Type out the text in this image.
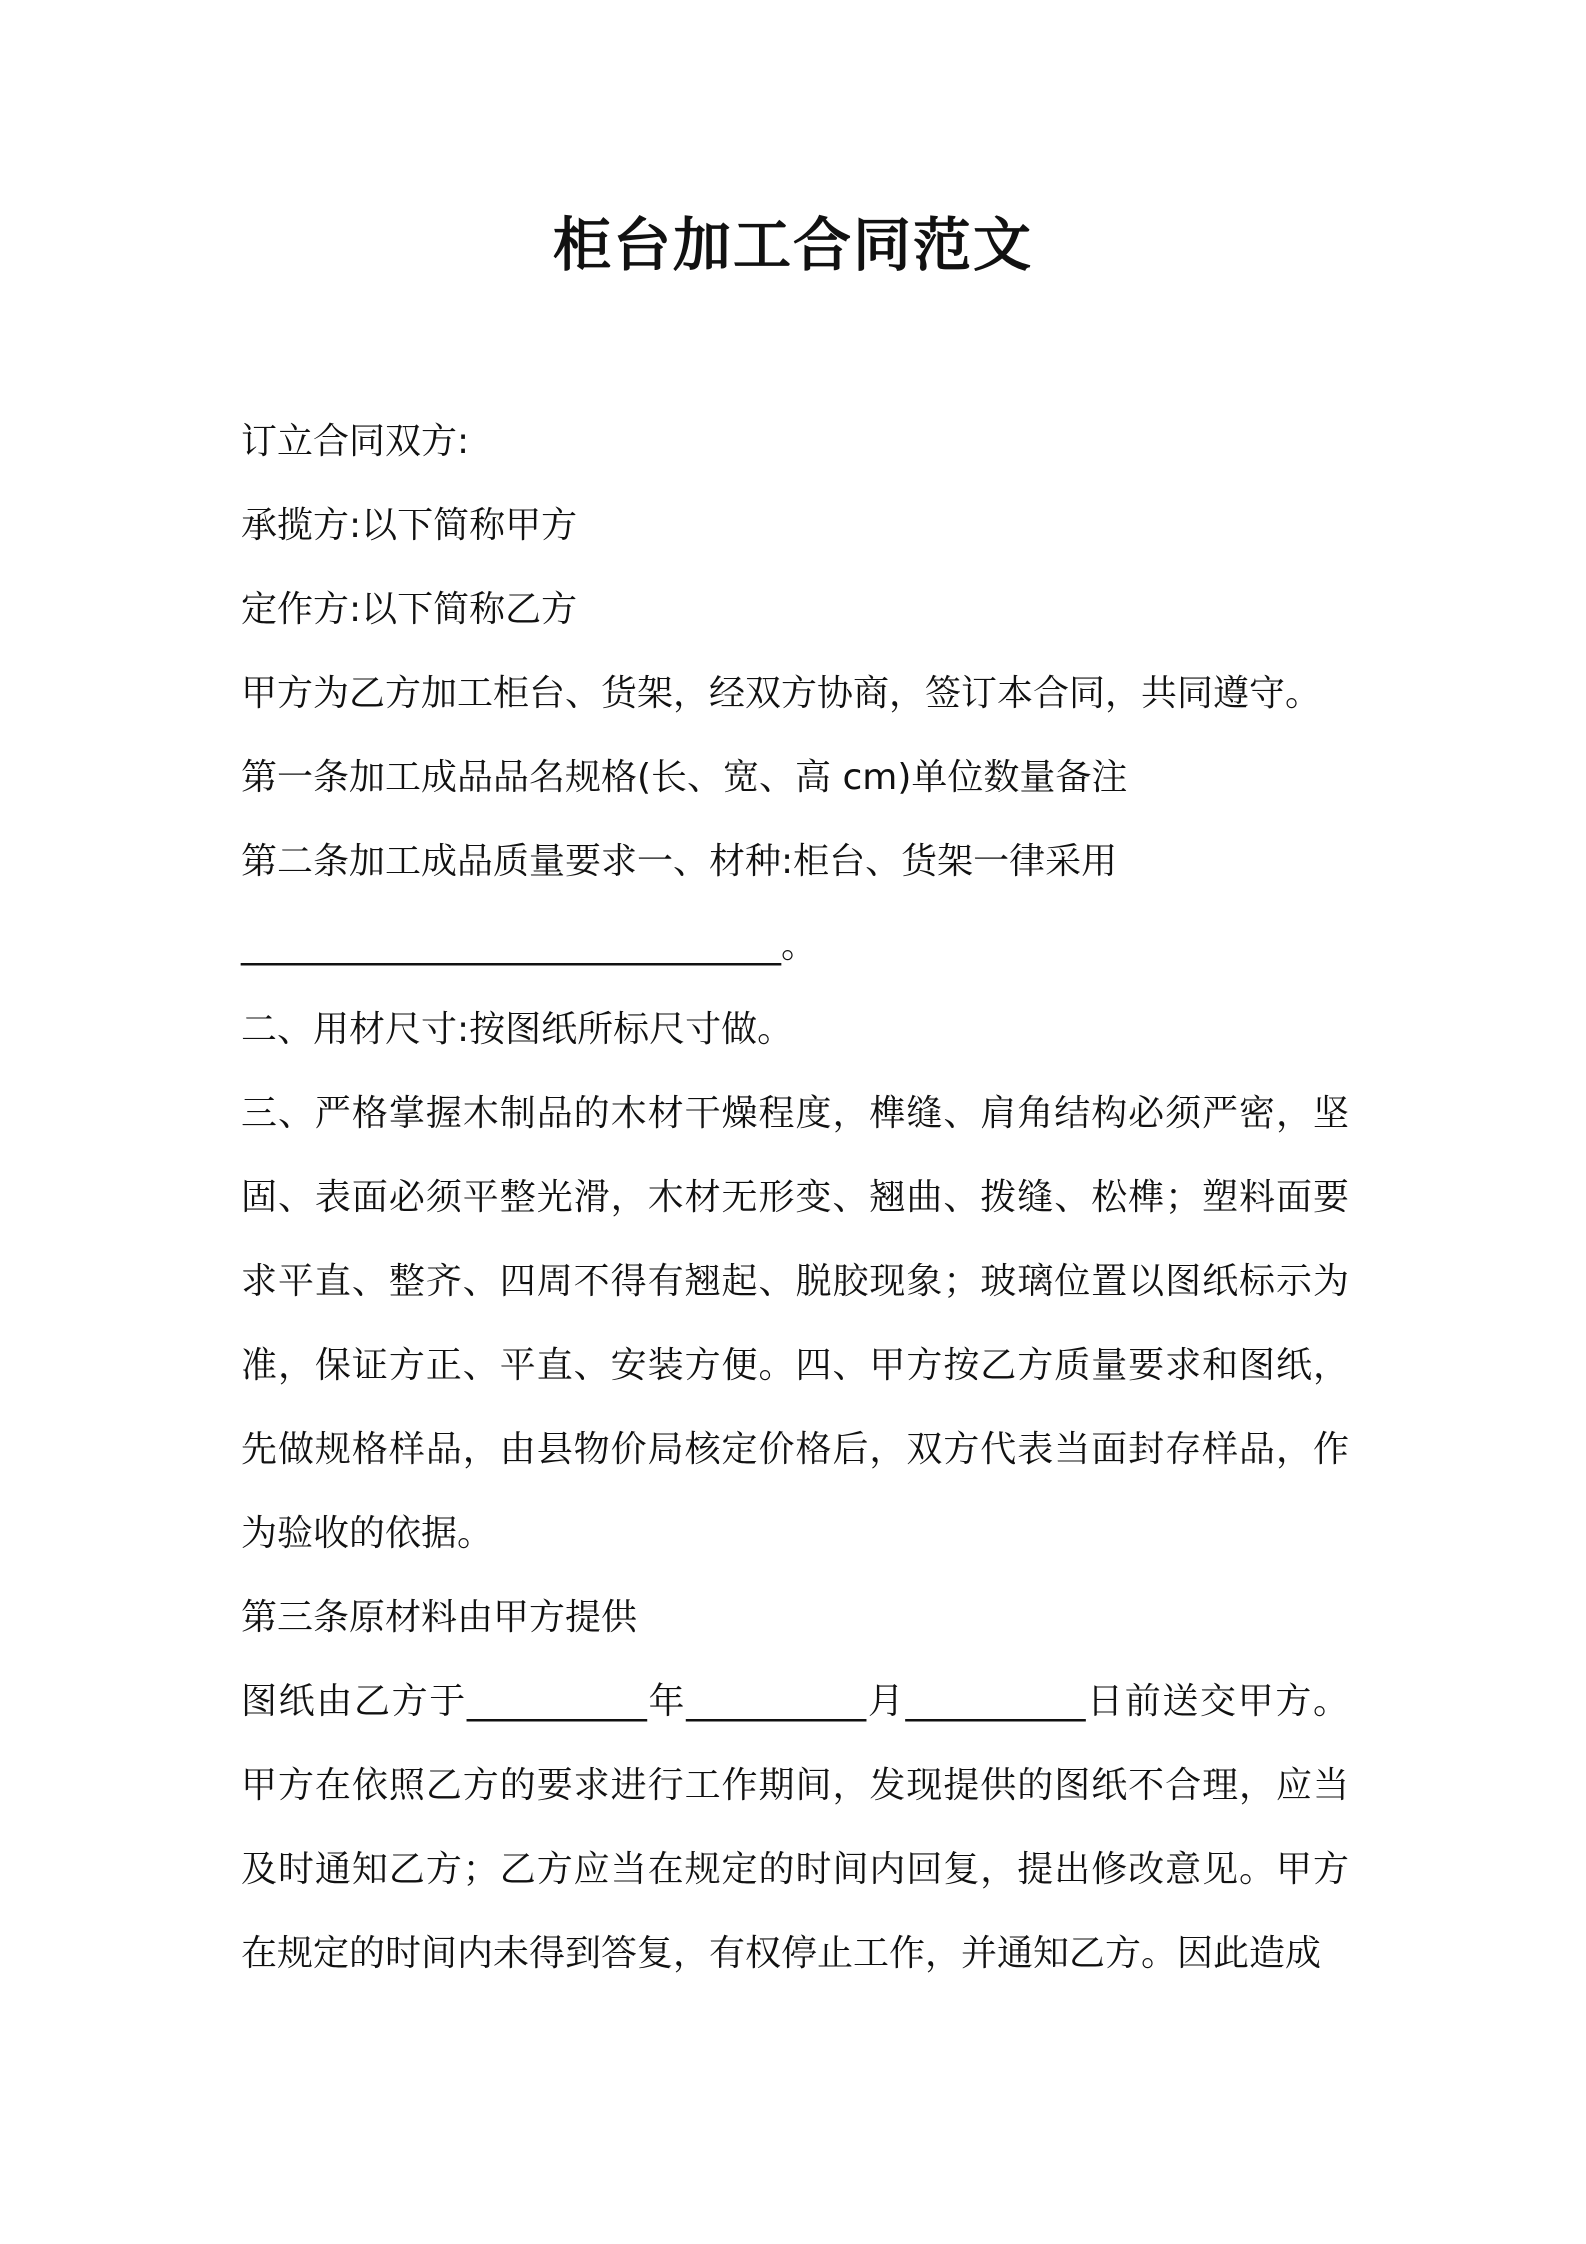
柜台加工合同范文

订立合同双方:

承揽方:以下简称甲方

定作方:以下简称乙方

甲方为乙方加工柜台、货架，经双方协商，签订本合同，共同遵守。

第一条加工成品品名规格(长、宽、高 cm)单位数量备注

第二条加工成品质量要求一、材种:柜台、货架一律采用

______________________________。

二、用材尺寸:按图纸所标尺寸做。

三、严格掌握木制品的木材干燥程度，榫缝、肩角结构必须严密，坚固、表面必须平整光滑，木材无形变、翘曲、拨缝、松榫；塑料面要求平直、整齐、四周不得有翘起、脱胶现象；玻璃位置以图纸标示为准，保证方正、平直、安装方便。四、甲方按乙方质量要求和图纸，先做规格样品，由县物价局核定价格后，双方代表当面封存样品，作为验收的依据。

第三条原材料由甲方提供

图纸由乙方于__________年__________月__________日前送交甲方。甲方在依照乙方的要求进行工作期间，发现提供的图纸不合理，应当及时通知乙方；乙方应当在规定的时间内回复，提出修改意见。甲方在规定的时间内未得到答复，有权停止工作，并通知乙方。因此造成
